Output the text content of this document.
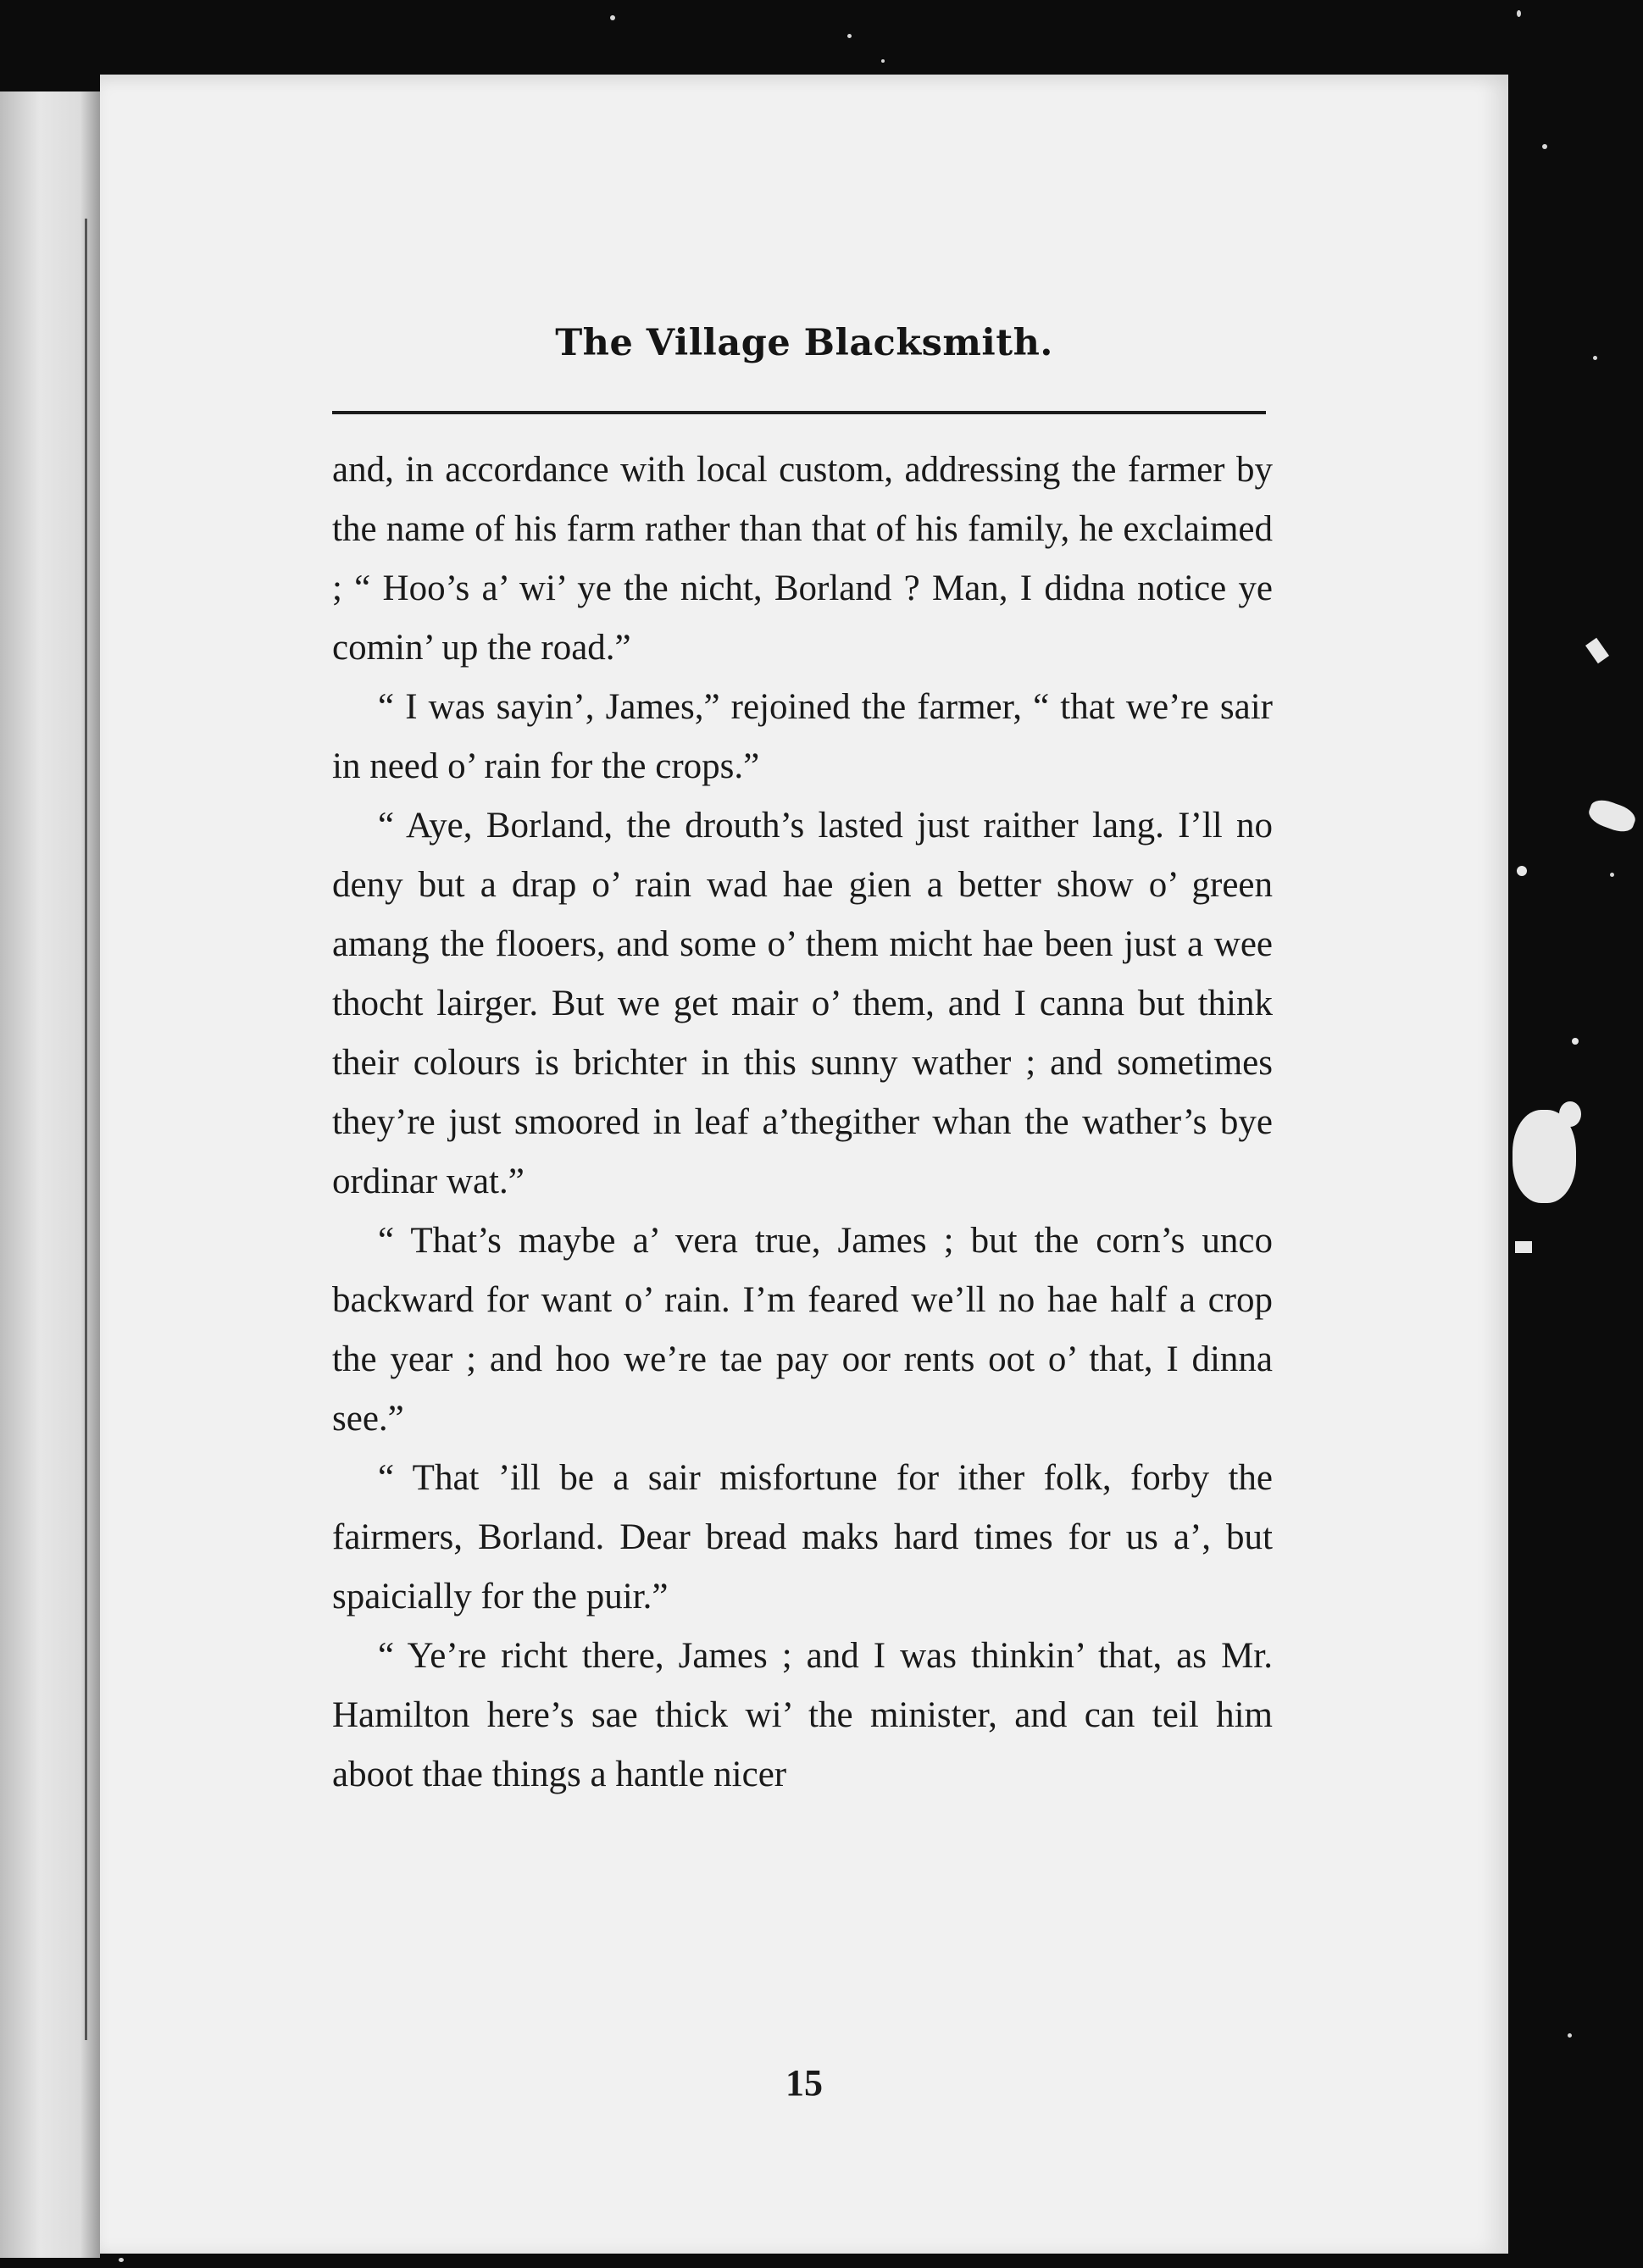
The Village Blacksmith.

and, in accordance with local custom, addressing the farmer by the name of his farm rather than that of his family, he exclaimed ; “ Hoo’s a’ wi’ ye the nicht, Borland ? Man, I didna notice ye comin’ up the road.”

“ I was sayin’, James,” rejoined the farmer, “ that we’re sair in need o’ rain for the crops.”

“ Aye, Borland, the drouth’s lasted just raither lang. I’ll no deny but a drap o’ rain wad hae gien a better show o’ green amang the flooers, and some o’ them micht hae been just a wee thocht lairger. But we get mair o’ them, and I canna but think their colours is brichter in this sunny wather ; and sometimes they’re just smoored in leaf a’thegither whan the wather’s bye ordinar wat.”

“ That’s maybe a’ vera true, James ; but the corn’s unco backward for want o’ rain. I’m feared we’ll no hae half a crop the year ; and hoo we’re tae pay oor rents oot o’ that, I dinna see.”

“ That ’ill be a sair misfortune for ither folk, forby the fairmers, Borland. Dear bread maks hard times for us a’, but spaicially for the puir.”

“ Ye’re richt there, James ; and I was thinkin’ that, as Mr. Hamilton here’s sae thick wi’ the minister, and can teil him aboot thae things a hantle nicer

15
